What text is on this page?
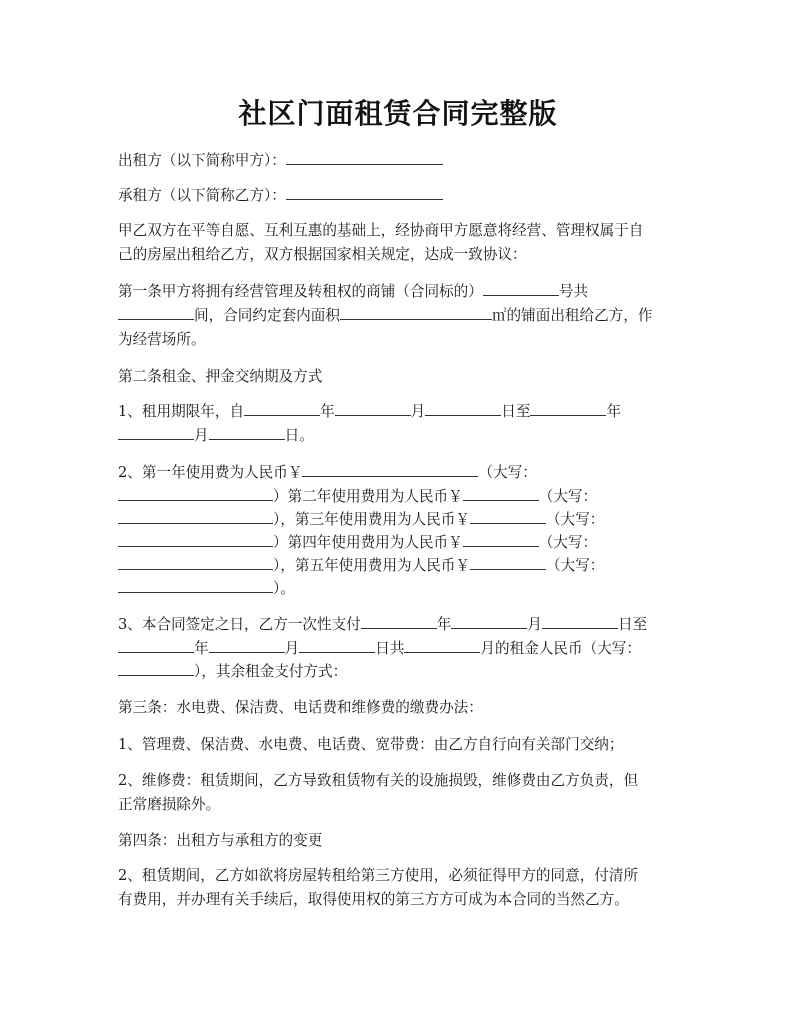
社区门面租赁合同完整版
出租方（以下简称甲方）：
承租方（以下简称乙方）：
甲乙双方在平等自愿、互利互惠的基础上，经协商甲方愿意将经营、管理权属于自
己的房屋出租给乙方，双方根据国家相关规定，达成一致协议：
第一条甲方将拥有经营管理及转租权的商铺（合同标的）	号共
间，合同约定套内面积	㎡的铺面出租给乙方，作
为经营场所。
第二条租金、押金交纳期及方式
1、租用期限年，自	年	月	日至	年
月	日。
2、第一年使用费为人民币￥	（大写：
）第二年使用费用为人民币￥	（大写：
），第三年使用费用为人民币￥	（大写：
）第四年使用费用为人民币￥	（大写：
），第五年使用费用为人民币￥	（大写：
）。
3、本合同签定之日，乙方一次性支付	年	月	日至
年	月	日共	月的租金人民币（大写：
），其余租金支付方式：
第三条：水电费、保洁费、电话费和维修费的缴费办法：
1、管理费、保洁费、水电费、电话费、宽带费：由乙方自行向有关部门交纳；
2、维修费：租赁期间，乙方导致租赁物有关的设施损毁，维修费由乙方负责，但
正常磨损除外。
第四条：出租方与承租方的变更
2、租赁期间，乙方如欲将房屋转租给第三方使用，必须征得甲方的同意，付清所
有费用，并办理有关手续后，取得使用权的第三方方可成为本合同的当然乙方。
